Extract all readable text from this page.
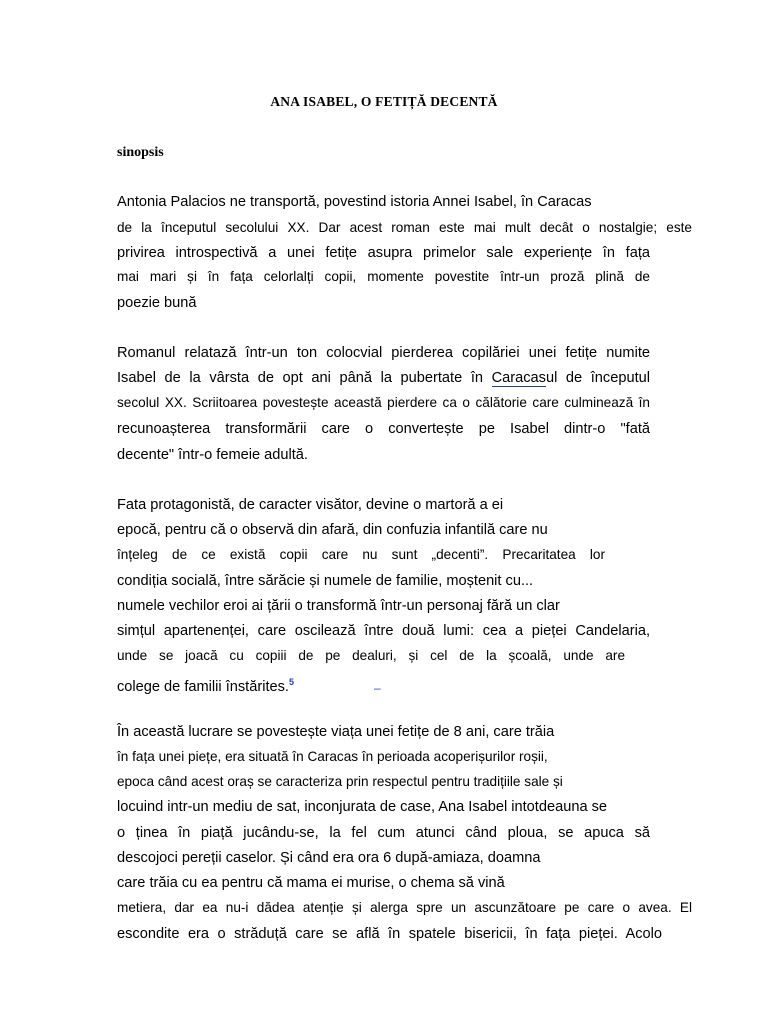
ANA ISABEL, O FETIȚĂ DECENTĂ
sinopsis
Antonia Palacios ne transportă, povestind istoria Annei Isabel, în Caracas
de la începutul secolului XX. Dar acest roman este mai mult decât o nostalgie; este
privirea introspectivă a unei fetițe asupra primelor sale experiențe în fața
mai mari și în fața celorlalți copii, momente povestite într-un proză plină de
poezie bună
Romanul relatază într-un ton colocvial pierderea copilăriei unei fetițe numite
Isabel de la vârsta de opt ani până la pubertate în Caracasul de începutul
secolul XX. Scriitoarea povestește această pierdere ca o călătorie care culminează în
recunoașterea transformării care o convertește pe Isabel dintr-o "fată
decente" într-o femeie adultă.
Fata protagonistă, de caracter visător, devine o martoră a ei
epocă, pentru că o observă din afară, din confuzia infantilă care nu
înțeleg de ce există copii care nu sunt „decenti”. Precaritatea lor
condiția socială, între sărăcie și numele de familie, moștenit cu...
numele vechilor eroi ai țării o transformă într-un personaj fără un clar
simțul apartenenței, care oscilează între două lumi: cea a pieței Candelaria,
unde se joacă cu copiii de pe dealuri, și cel de la școală, unde are
colege de familii înstărites.$^5$	–
În această lucrare se povestește viața unei fetițe de 8 ani, care trăia
în fața unei piețe, era situată în Caracas în perioada acoperișurilor roșii,
epoca când acest oraș se caracteriza prin respectul pentru tradițiile sale și
locuind intr-un mediu de sat, inconjurata de case, Ana Isabel intotdeauna se
o ținea în piață jucându-se, la fel cum atunci când ploua, se apuca să
descojoci pereții caselor. Și când era ora 6 după-amiaza, doamna
care trăia cu ea pentru că mama ei murise, o chema să vină
metiera, dar ea nu-i dădea atenție și alerga spre un ascunzătoare pe care o avea. El
escondite era o străduță care se află în spatele bisericii, în fața pieței. Acolo
